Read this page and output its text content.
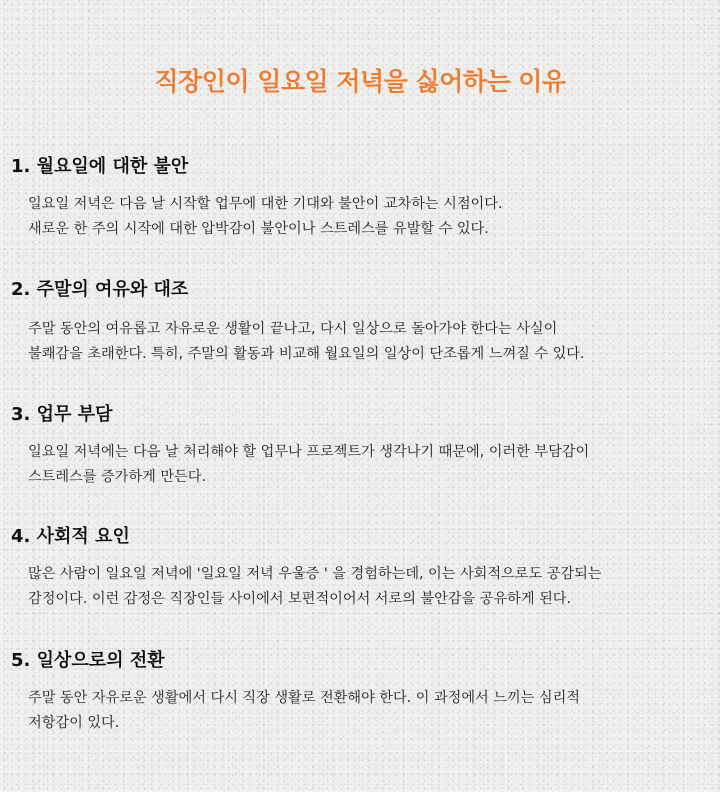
직장인이 일요일 저녁을 싫어하는 이유
1. 월요일에 대한 불안
일요일 저녁은 다음 날 시작할 업무에 대한 기대와 불안이 교차하는 시점이다.
새로운 한 주의 시작에 대한 압박감이 불안이나 스트레스를 유발할 수 있다.
2. 주말의 여유와 대조
주말 동안의 여유롭고 자유로운 생활이 끝나고, 다시 일상으로 돌아가야 한다는 사실이
불쾌감을 초래한다. 특히, 주말의 활동과 비교해 월요일의 일상이 단조롭게 느껴질 수 있다.
3. 업무 부담
일요일 저녁에는 다음 날 처리해야 할 업무나 프로젝트가 생각나기 때문에, 이러한 부담감이
스트레스를 증가하게 만든다.
4. 사회적 요인
많은 사람이 일요일 저녁에 '일요일 저녁 우울증 ' 을 경험하는데, 이는 사회적으로도 공감되는
감정이다. 이런 감정은 직장인들 사이에서 보편적이어서 서로의 불안감을 공유하게 된다.
5. 일상으로의 전환
주말 동안 자유로운 생활에서 다시 직장 생활로 전환해야 한다. 이 과정에서 느끼는 심리적
저항감이 있다.
